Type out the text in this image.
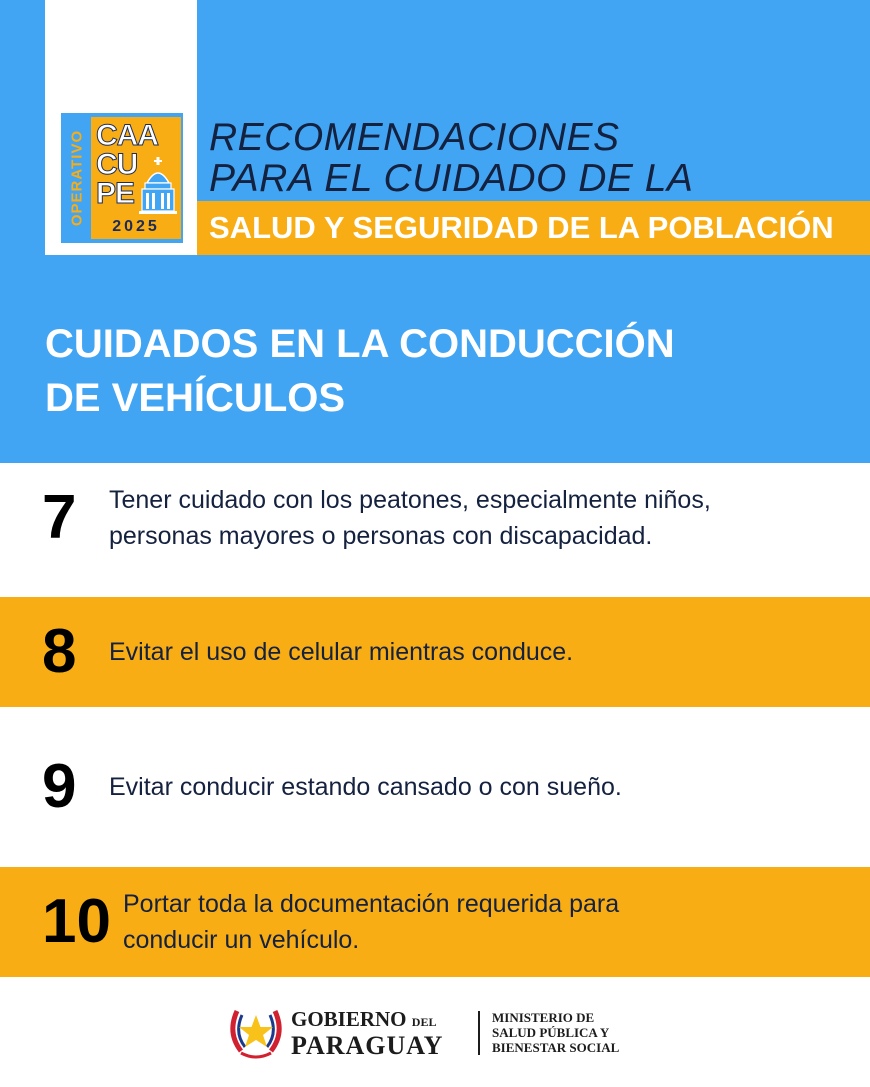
OPERATIVO CAA
CU
PE
2025
RECOMENDACIONES
PARA EL CUIDADO DE LA
SALUD Y SEGURIDAD DE LA POBLACIÓN
CUIDADOS EN LA CONDUCCIÓN
DE VEHÍCULOS
7 Tener cuidado con los peatones, especialmente niños,
personas mayores o personas con discapacidad.
8 Evitar el uso de celular mientras conduce.
9 Evitar conducir estando cansado o con sueño.
10 Portar toda la documentación requerida para
conducir un vehículo.
GOBIERNO DEL
PARAGUAY
MINISTERIO DE
SALUD PÚBLICA Y
BIENESTAR SOCIAL
